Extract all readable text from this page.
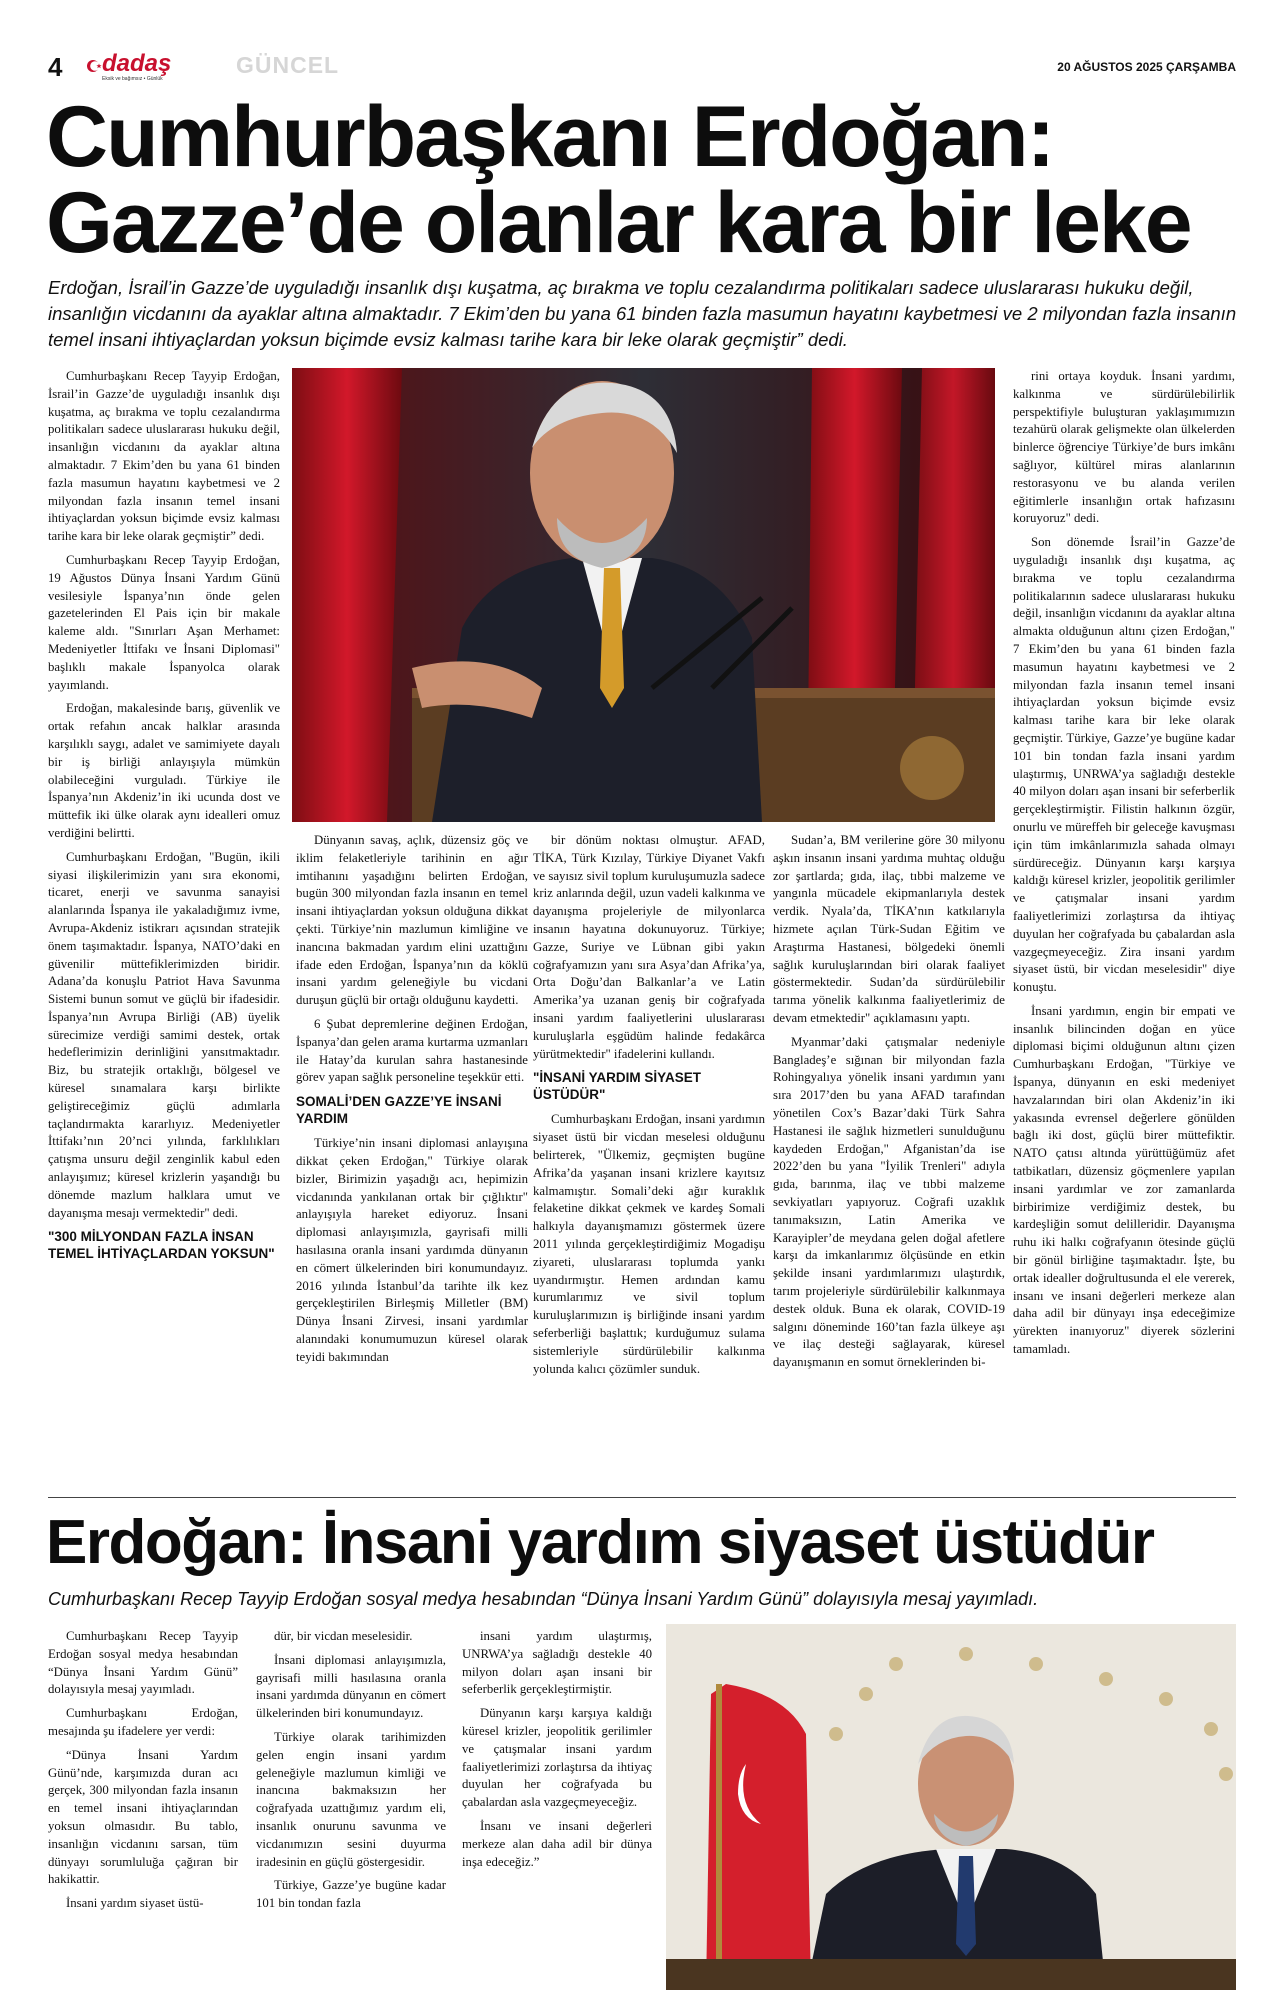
4 dadaş
Eksik ve bağımsız • Günlük
GÜNCEL	20 AĞUSTOS 2025 ÇARŞAMBA
Cumhurbaşkanı Erdoğan:
Gazze’de olanlar kara bir leke
Erdoğan, İsrail’in Gazze’de uyguladığı insanlık dışı kuşatma, aç bırakma ve toplu cezalandırma politikaları sadece uluslararası hukuku değil, insanlığın vicdanını da ayaklar altına almaktadır. 7 Ekim’den bu yana 61 binden fazla masumun hayatını kaybetmesi ve 2 milyondan fazla insanın temel insani ihtiyaçlardan yoksun biçimde evsiz kalması tarihe kara bir leke olarak geçmiştir” dedi.

Cumhurbaşkanı Recep Tayyip Erdoğan, İsrail’in Gazze’de uyguladığı insanlık dışı kuşatma, aç bırakma ve toplu cezalandırma politikaları sadece uluslararası hukuku değil, insanlığın vicdanını da ayaklar altına almaktadır. 7 Ekim’den bu yana 61 binden fazla masumun hayatını kaybetmesi ve 2 milyondan fazla insanın temel insani ihtiyaçlardan yoksun biçimde evsiz kalması tarihe kara bir leke olarak geçmiştir” dedi.

Cumhurbaşkanı Recep Tayyip Erdoğan, 19 Ağustos Dünya İnsani Yardım Günü vesilesiyle İspanya’nın önde gelen gazetelerinden El Pais için bir makale kaleme aldı. "Sınırları Aşan Merhamet: Medeniyetler İttifakı ve İnsani Diplomasi" başlıklı makale İspanyolca olarak yayımlandı.

Erdoğan, makalesinde barış, güvenlik ve ortak refahın ancak halklar arasında karşılıklı saygı, adalet ve samimiyete dayalı bir iş birliği anlayışıyla mümkün olabileceğini vurguladı. Türkiye ile İspanya’nın Akdeniz’in iki ucunda dost ve müttefik iki ülke olarak aynı idealleri omuz verdiğini belirtti.

Cumhurbaşkanı Erdoğan, "Bugün, ikili siyasi ilişkilerimizin yanı sıra ekonomi, ticaret, enerji ve savunma sanayisi alanlarında İspanya ile yakaladığımız ivme, Avrupa-Akdeniz istikrarı açısından stratejik önem taşımaktadır. İspanya, NATO’daki en güvenilir müttefiklerimizden biridir. Adana’da konuşlu Patriot Hava Savunma Sistemi bunun somut ve güçlü bir ifadesidir. İspanya’nın Avrupa Birliği (AB) üyelik sürecimize verdiği samimi destek, ortak hedeflerimizin derinliğini yansıtmaktadır. Biz, bu stratejik ortaklığı, bölgesel ve küresel sınamalara karşı birlikte geliştireceğimiz güçlü adımlarla taçlandırmakta kararlıyız. Medeniyetler İttifakı’nın 20’nci yılında, farklılıkları çatışma unsuru değil zenginlik kabul eden anlayışımız; küresel krizlerin yaşandığı bu dönemde mazlum halklara umut ve dayanışma mesajı vermektedir" dedi.

"300 MİLYONDAN FAZLA İNSAN TEMEL İHTİYAÇLARDAN YOKSUN"

Dünyanın savaş, açlık, düzensiz göç ve iklim felaketleriyle tarihinin en ağır imtihanını yaşadığını belirten Erdoğan, bugün 300 milyondan fazla insanın en temel insani ihtiyaçlardan yoksun olduğuna dikkat çekti. Türkiye’nin mazlumun kimliğine ve inancına bakmadan yardım elini uzattığını ifade eden Erdoğan, İspanya’nın da köklü insani yardım geleneğiyle bu vicdani duruşun güçlü bir ortağı olduğunu kaydetti.

6 Şubat depremlerine değinen Erdoğan, İspanya’dan gelen arama kurtarma uzmanları ile Hatay’da kurulan sahra hastanesinde görev yapan sağlık personeline teşekkür etti.

SOMALİ’DEN GAZZE’YE İNSANİ YARDIM

Türkiye’nin insani diplomasi anlayışına dikkat çeken Erdoğan," Türkiye olarak bizler, Birimizin yaşadığı acı, hepimizin vicdanında yankılanan ortak bir çığlıktır" anlayışıyla hareket ediyoruz. İnsani diplomasi anlayışımızla, gayrisafi milli hasılasına oranla insani yardımda dünyanın en cömert ülkelerinden biri konumundayız. 2016 yılında İstanbul’da tarihte ilk kez gerçekleştirilen Birleşmiş Milletler (BM) Dünya İnsani Zirvesi, insani yardımlar alanındaki konumumuzun küresel olarak teyidi bakımından

bir dönüm noktası olmuştur. AFAD, TİKA, Türk Kızılay, Türkiye Diyanet Vakfı ve sayısız sivil toplum kuruluşumuzla sadece kriz anlarında değil, uzun vadeli kalkınma ve dayanışma projeleriyle de milyonlarca insanın hayatına dokunuyoruz. Türkiye; Gazze, Suriye ve Lübnan gibi yakın coğrafyamızın yanı sıra Asya’dan Afrika’ya, Orta Doğu’dan Balkanlar’a ve Latin Amerika’ya uzanan geniş bir coğrafyada insani yardım faaliyetlerini uluslararası kuruluşlarla eşgüdüm halinde fedakârca yürütmektedir" ifadelerini kullandı.

"İNSANİ YARDIM SİYASET ÜSTÜDÜR"

Cumhurbaşkanı Erdoğan, insani yardımın siyaset üstü bir vicdan meselesi olduğunu belirterek, "Ülkemiz, geçmişten bugüne Afrika’da yaşanan insani krizlere kayıtsız kalmamıştır. Somali’deki ağır kuraklık felaketine dikkat çekmek ve kardeş Somali halkıyla dayanışmamızı göstermek üzere 2011 yılında gerçekleştirdiğimiz Mogadişu ziyareti, uluslararası toplumda yankı uyandırmıştır. Hemen ardından kamu kurumlarımız ve sivil toplum kuruluşlarımızın iş birliğinde insani yardım seferberliği başlattık; kurduğumuz sulama sistemleriyle sürdürülebilir kalkınma yolunda kalıcı çözümler sunduk.

Sudan’a, BM verilerine göre 30 milyonu aşkın insanın insani yardıma muhtaç olduğu zor şartlarda; gıda, ilaç, tıbbi malzeme ve yangınla mücadele ekipmanlarıyla destek verdik. Nyala’da, TİKA’nın katkılarıyla hizmete açılan Türk-Sudan Eğitim ve Araştırma Hastanesi, bölgedeki önemli sağlık kuruluşlarından biri olarak faaliyet göstermektedir. Sudan’da sürdürülebilir tarıma yönelik kalkınma faaliyetlerimiz de devam etmektedir" açıklamasını yaptı.

Myanmar’daki çatışmalar nedeniyle Bangladeş’e sığınan bir milyondan fazla Rohingyalıya yönelik insani yardımın yanı sıra 2017’den bu yana AFAD tarafından yönetilen Cox’s Bazar’daki Türk Sahra Hastanesi ile sağlık hizmetleri sunulduğunu kaydeden Erdoğan," Afganistan’da ise 2022’den bu yana "İyilik Trenleri" adıyla gıda, barınma, ilaç ve tıbbi malzeme sevkiyatları yapıyoruz. Coğrafi uzaklık tanımaksızın, Latin Amerika ve Karayipler’de meydana gelen doğal afetlere karşı da imkanlarımız ölçüsünde en etkin şekilde insani yardımlarımızı ulaştırdık, tarım projeleriyle sürdürülebilir kalkınmaya destek olduk. Buna ek olarak, COVID-19 salgını döneminde 160’tan fazla ülkeye aşı ve ilaç desteği sağlayarak, küresel dayanışmanın en somut örneklerinden bi-

rini ortaya koyduk. İnsani yardımı, kalkınma ve sürdürülebilirlik perspektifiyle buluşturan yaklaşımımızın tezahürü olarak gelişmekte olan ülkelerden binlerce öğrenciye Türkiye’de burs imkânı sağlıyor, kültürel miras alanlarının restorasyonu ve bu alanda verilen eğitimlerle insanlığın ortak hafızasını koruyoruz" dedi.

Son dönemde İsrail’in Gazze’de uyguladığı insanlık dışı kuşatma, aç bırakma ve toplu cezalandırma politikalarının sadece uluslararası hukuku değil, insanlığın vicdanını da ayaklar altına almakta olduğunun altını çizen Erdoğan," 7 Ekim’den bu yana 61 binden fazla masumun hayatını kaybetmesi ve 2 milyondan fazla insanın temel insani ihtiyaçlardan yoksun biçimde evsiz kalması tarihe kara bir leke olarak geçmiştir. Türkiye, Gazze’ye bugüne kadar 101 bin tondan fazla insani yardım ulaştırmış, UNRWA’ya sağladığı destekle 40 milyon doları aşan insani bir seferberlik gerçekleştirmiştir. Filistin halkının özgür, onurlu ve müreffeh bir geleceğe kavuşması için tüm imkânlarımızla sahada olmayı sürdüreceğiz. Dünyanın karşı karşıya kaldığı küresel krizler, jeopolitik gerilimler ve çatışmalar insani yardım faaliyetlerimizi zorlaştırsa da ihtiyaç duyulan her coğrafyada bu çabalardan asla vazgeçmeyeceğiz. Zira insani yardım siyaset üstü, bir vicdan meselesidir" diye konuştu.

İnsani yardımın, engin bir empati ve insanlık bilincinden doğan en yüce diplomasi biçimi olduğunun altını çizen Cumhurbaşkanı Erdoğan, "Türkiye ve İspanya, dünyanın en eski medeniyet havzalarından biri olan Akdeniz’in iki yakasında evrensel değerlere gönülden bağlı iki dost, güçlü birer müttefiktir. NATO çatısı altında yürüttüğümüz afet tatbikatları, düzensiz göçmenlere yapılan insani yardımlar ve zor zamanlarda birbirimize verdiğimiz destek, bu kardeşliğin somut delilleridir. Dayanışma ruhu iki halkı coğrafyanın ötesinde güçlü bir gönül birliğine taşımaktadır. İşte, bu ortak idealler doğrultusunda el ele vererek, insanı ve insani değerleri merkeze alan daha adil bir dünyayı inşa edeceğimize yürekten inanıyoruz" diyerek sözlerini tamamladı.

Erdoğan: İnsani yardım siyaset üstüdür
Cumhurbaşkanı Recep Tayyip Erdoğan sosyal medya hesabından “Dünya İnsani Yardım Günü” dolayısıyla mesaj yayımladı.

Cumhurbaşkanı Recep Tayyip Erdoğan sosyal medya hesabından “Dünya İnsani Yardım Günü” dolayısıyla mesaj yayımladı.

Cumhurbaşkanı Erdoğan, mesajında şu ifadelere yer verdi:

“Dünya İnsani Yardım Günü’nde, karşımızda duran acı gerçek, 300 milyondan fazla insanın en temel insani ihtiyaçlarından yoksun olmasıdır. Bu tablo, insanlığın vicdanını sarsan, tüm dünyayı sorumluluğa çağıran bir hakikattir.

İnsani yardım siyaset üstü-

dür, bir vicdan meselesidir.

İnsani diplomasi anlayışımızla, gayrisafi milli hasılasına oranla insani yardımda dünyanın en cömert ülkelerinden biri konumundayız.

Türkiye olarak tarihimizden gelen engin insani yardım geleneğiyle mazlumun kimliği ve inancına bakmaksızın her coğrafyada uzattığımız yardım eli, insanlık onurunu savunma ve vicdanımızın sesini duyurma iradesinin en güçlü göstergesidir.

Türkiye, Gazze’ye bugüne kadar 101 bin tondan fazla

insani yardım ulaştırmış, UNRWA’ya sağladığı destekle 40 milyon doları aşan insani bir seferberlik gerçekleştirmiştir.

Dünyanın karşı karşıya kaldığı küresel krizler, jeopolitik gerilimler ve çatışmalar insani yardım faaliyetlerimizi zorlaştırsa da ihtiyaç duyulan her coğrafyada bu çabalardan asla vazgeçmeyeceğiz.

İnsanı ve insani değerleri merkeze alan daha adil bir dünya inşa edeceğiz.”
